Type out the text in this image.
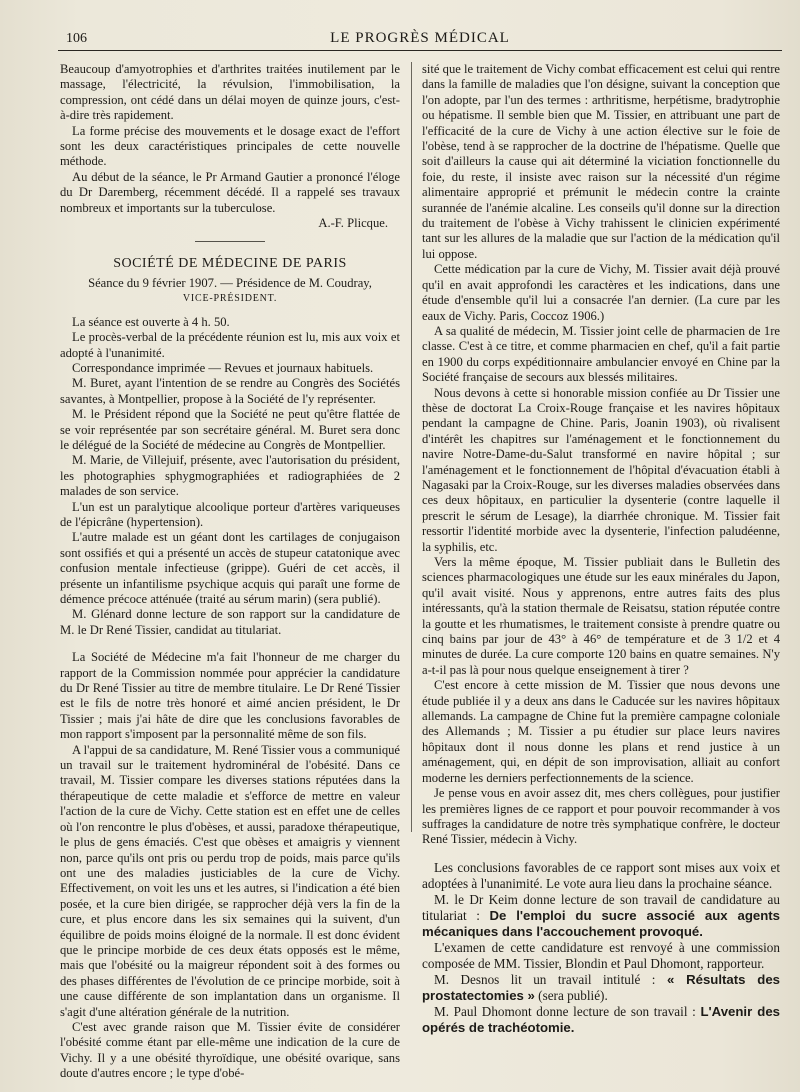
106	LE PROGRÈS MÉDICAL

Beaucoup d'amyotrophies et d'arthrites traitées inutilement par le massage, l'électricité, la révulsion, l'immobilisation, la compression, ont cédé dans un délai moyen de quinze jours, c'est-à-dire très rapidement.

La forme précise des mouvements et le dosage exact de l'effort sont les deux caractéristiques principales de cette nouvelle méthode.

Au début de la séance, le Pr Armand Gautier a prononcé l'éloge du Dr Daremberg, récemment décédé. Il a rappelé ses travaux nombreux et importants sur la tuberculose.

A.-F. Plicque.

SOCIÉTÉ DE MÉDECINE DE PARIS

Séance du 9 février 1907. — Présidence de M. Coudray,

VICE-PRÉSIDENT.

La séance est ouverte à 4 h. 50.

Le procès-verbal de la précédente réunion est lu, mis aux voix et adopté à l'unanimité.

Correspondance imprimée — Revues et journaux habituels.

M. Buret, ayant l'intention de se rendre au Congrès des Sociétés savantes, à Montpellier, propose à la Société de l'y représenter.

M. le Président répond que la Société ne peut qu'être flattée de se voir représentée par son secrétaire général. M. Buret sera donc le délégué de la Société de médecine au Congrès de Montpellier.

M. Marie, de Villejuif, présente, avec l'autorisation du président, les photographies sphygmographiées et radiographiées de 2 malades de son service.

L'un est un paralytique alcoolique porteur d'artères variqueuses de l'épicrâne (hypertension).

L'autre malade est un géant dont les cartilages de conjugaison sont ossifiés et qui a présenté un accès de stupeur catatonique avec confusion mentale infectieuse (grippe). Guéri de cet accès, il présente un infantilisme psychique acquis qui paraît une forme de démence précoce atténuée (traité au sérum marin) (sera publié).

M. Glénard donne lecture de son rapport sur la candidature de M. le Dr René Tissier, candidat au titulariat.

La Société de Médecine m'a fait l'honneur de me charger du rapport de la Commission nommée pour apprécier la candidature du Dr René Tissier au titre de membre titulaire. Le Dr René Tissier est le fils de notre très honoré et aimé ancien président, le Dr Tissier ; mais j'ai hâte de dire que les conclusions favorables de mon rapport s'imposent par la personnalité même de son fils.

A l'appui de sa candidature, M. René Tissier vous a communiqué un travail sur le traitement hydrominéral de l'obésité. Dans ce travail, M. Tissier compare les diverses stations réputées dans la thérapeutique de cette maladie et s'efforce de mettre en valeur l'action de la cure de Vichy. Cette station est en effet une de celles où l'on rencontre le plus d'obèses, et aussi, paradoxe thérapeutique, le plus de gens émaciés. C'est que obèses et amaigris y viennent non, parce qu'ils ont pris ou perdu trop de poids, mais parce qu'ils ont une des maladies justiciables de la cure de Vichy. Effectivement, on voit les uns et les autres, si l'indication a été bien posée, et la cure bien dirigée, se rapprocher déjà vers la fin de la cure, et plus encore dans les six semaines qui la suivent, d'un équilibre de poids moins éloigné de la normale. Il est donc évident que le principe morbide de ces deux états opposés est le même, mais que l'obésité ou la maigreur répondent soit à des formes ou des phases différentes de l'évolution de ce principe morbide, soit à une cause différente de son implantation dans un organisme. Il s'agit d'une altération générale de la nutrition.

C'est avec grande raison que M. Tissier évite de considérer l'obésité comme étant par elle-même une indication de la cure de Vichy. Il y a une obésité thyroïdique, une obésité ovarique, sans doute d'autres encore ; le type d'obé-

sité que le traitement de Vichy combat efficacement est celui qui rentre dans la famille de maladies que l'on désigne, suivant la conception que l'on adopte, par l'un des termes : arthritisme, herpétisme, bradytrophie ou hépatisme. Il semble bien que M. Tissier, en attribuant une part de l'efficacité de la cure de Vichy à une action élective sur le foie de l'obèse, tend à se rapprocher de la doctrine de l'hépatisme. Quelle que soit d'ailleurs la cause qui ait déterminé la viciation fonctionnelle du foie, du reste, il insiste avec raison sur la nécessité d'un régime alimentaire approprié et prémunit le médecin contre la crainte surannée de l'anémie alcaline. Les conseils qu'il donne sur la direction du traitement de l'obèse à Vichy trahissent le clinicien expérimenté tant sur les allures de la maladie que sur l'action de la médication qu'il lui oppose.

Cette médication par la cure de Vichy, M. Tissier avait déjà prouvé qu'il en avait approfondi les caractères et les indications, dans une étude d'ensemble qu'il lui a consacrée l'an dernier. (La cure par les eaux de Vichy. Paris, Coccoz 1906.)

A sa qualité de médecin, M. Tissier joint celle de pharmacien de 1re classe. C'est à ce titre, et comme pharmacien en chef, qu'il a fait partie en 1900 du corps expéditionnaire ambulancier envoyé en Chine par la Société française de secours aux blessés militaires.

Nous devons à cette si honorable mission confiée au Dr Tissier une thèse de doctorat La Croix-Rouge française et les navires hôpitaux pendant la campagne de Chine. Paris, Joanin 1903), où rivalisent d'intérêt les chapitres sur l'aménagement et le fonctionnement du navire Notre-Dame-du-Salut transformé en navire hôpital ; sur l'aménagement et le fonctionnement de l'hôpital d'évacuation établi à Nagasaki par la Croix-Rouge, sur les diverses maladies observées dans ces deux hôpitaux, en particulier la dysenterie (contre laquelle il prescrit le sérum de Lesage), la diarrhée chronique. M. Tissier fait ressortir l'identité morbide avec la dysenterie, l'infection paludéenne, la syphilis, etc.

Vers la même époque, M. Tissier publiait dans le Bulletin des sciences pharmacologiques une étude sur les eaux minérales du Japon, qu'il avait visité. Nous y apprenons, entre autres faits des plus intéressants, qu'à la station thermale de Reisatsu, station réputée contre la goutte et les rhumatismes, le traitement consiste à prendre quatre ou cinq bains par jour de 43° à 46° de température et de 3 1/2 et 4 minutes de durée. La cure comporte 120 bains en quatre semaines. N'y a-t-il pas là pour nous quelque enseignement à tirer ?

C'est encore à cette mission de M. Tissier que nous devons une étude publiée il y a deux ans dans le Caducée sur les navires hôpitaux allemands. La campagne de Chine fut la première campagne coloniale des Allemands ; M. Tissier a pu étudier sur place leurs navires hôpitaux dont il nous donne les plans et rend justice à un aménagement, qui, en dépit de son improvisation, alliait au confort moderne les derniers perfectionnements de la science.

Je pense vous en avoir assez dit, mes chers collègues, pour justifier les premières lignes de ce rapport et pour pouvoir recommander à vos suffrages la candidature de notre très symphatique confrère, le docteur René Tissier, médecin à Vichy.

Les conclusions favorables de ce rapport sont mises aux voix et adoptées à l'unanimité. Le vote aura lieu dans la prochaine séance.

M. le Dr Keim donne lecture de son travail de candidature au titulariat : De l'emploi du sucre associé aux agents mécaniques dans l'accouchement provoqué.

L'examen de cette candidature est renvoyé à une commission composée de MM. Tissier, Blondin et Paul Dhomont, rapporteur.

M. Desnos lit un travail intitulé : « Résultats des prostatectomies » (sera publié).

M. Paul Dhomont donne lecture de son travail : L'Avenir des opérés de trachéotomie.
